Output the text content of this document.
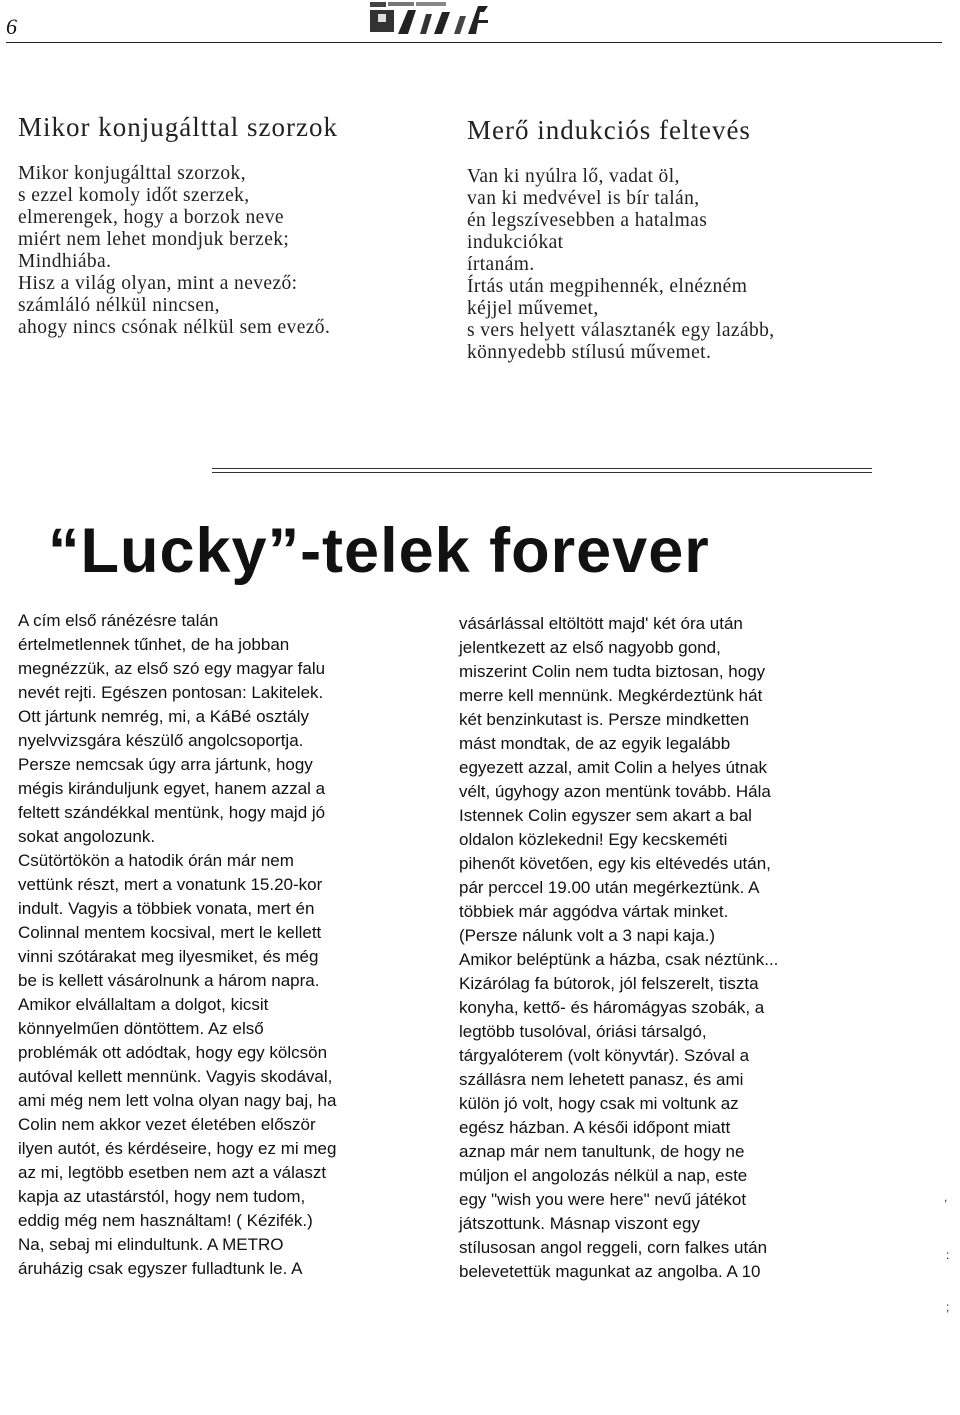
6
Mikor konjugálttal szorzok
Mikor konjugálttal szorzok,
s ezzel komoly időt szerzek,
elmerengek, hogy a borzok neve
miért nem lehet mondjuk berzek;
Mindhiába.
Hisz a világ olyan, mint a nevező:
számláló nélkül nincsen,
ahogy nincs csónak nélkül sem evező.
Merő indukciós feltevés
Van ki nyúlra lő, vadat öl,
van ki medvével is bír talán,
én legszívesebben a hatalmas
indukciókat
írtanám.
Írtás után megpihennék, elnézném
kéjjel művemet,
s vers helyett választanék egy lazább,
könnyedebb stílusú művemet.
“Lucky”-telek forever
A cím első ránézésre talán
értelmetlennek tűnhet, de ha jobban
megnézzük, az első szó egy magyar falu
nevét rejti. Egészen pontosan: Lakitelek.
Ott jártunk nemrég, mi, a KáBé osztály
nyelvvizsgára készülő angolcsoportja.
Persze nemcsak úgy arra jártunk, hogy
mégis kiránduljunk egyet, hanem azzal a
feltett szándékkal mentünk, hogy majd jó
sokat angolozunk.
Csütörtökön a hatodik órán már nem
vettünk részt, mert a vonatunk 15.20-kor
indult. Vagyis a többiek vonata, mert én
Colinnal mentem kocsival, mert le kellett
vinni szótárakat meg ilyesmiket, és még
be is kellett vásárolnunk a három napra.
Amikor elvállaltam a dolgot, kicsit
könnyelműen döntöttem. Az első
problémák ott adódtak, hogy egy kölcsön
autóval kellett mennünk. Vagyis skodával,
ami még nem lett volna olyan nagy baj, ha
Colin nem akkor vezet életében először
ilyen autót, és kérdéseire, hogy ez mi meg
az mi, legtöbb esetben nem azt a választ
kapja az utastárstól, hogy nem tudom,
eddig még nem használtam! ( Kézifék.)
Na, sebaj mi elindultunk. A METRO
áruházig csak egyszer fulladtunk le. A
vásárlással eltöltött majd' két óra után
jelentkezett az első nagyobb gond,
miszerint Colin nem tudta biztosan, hogy
merre kell mennünk. Megkérdeztünk hát
két benzinkutast is. Persze mindketten
mást mondtak, de az egyik legalább
egyezett azzal, amit Colin a helyes útnak
vélt, úgyhogy azon mentünk tovább. Hála
Istennek Colin egyszer sem akart a bal
oldalon közlekedni! Egy kecskeméti
pihenőt követően, egy kis eltévedés után,
pár perccel 19.00 után megérkeztünk. A
többiek már aggódva vártak minket.
(Persze nálunk volt a 3 napi kaja.)
Amikor beléptünk a házba, csak néztünk...
Kizárólag fa bútorok, jól felszerelt, tiszta
konyha, kettő- és háromágyas szobák, a
legtöbb tusolóval, óriási társalgó,
tárgyalóterem (volt könyvtár). Szóval a
szállásra nem lehetett panasz, és ami
külön jó volt, hogy csak mi voltunk az
egész házban. A késői időpont miatt
aznap már nem tanultunk, de hogy ne
múljon el angolozás nélkül a nap, este
egy "wish you were here" nevű játékot
játszottunk. Másnap viszont egy
stílusosan angol reggeli, corn falkes után
belevetettük magunkat az angolba. A 10
,
:
;
